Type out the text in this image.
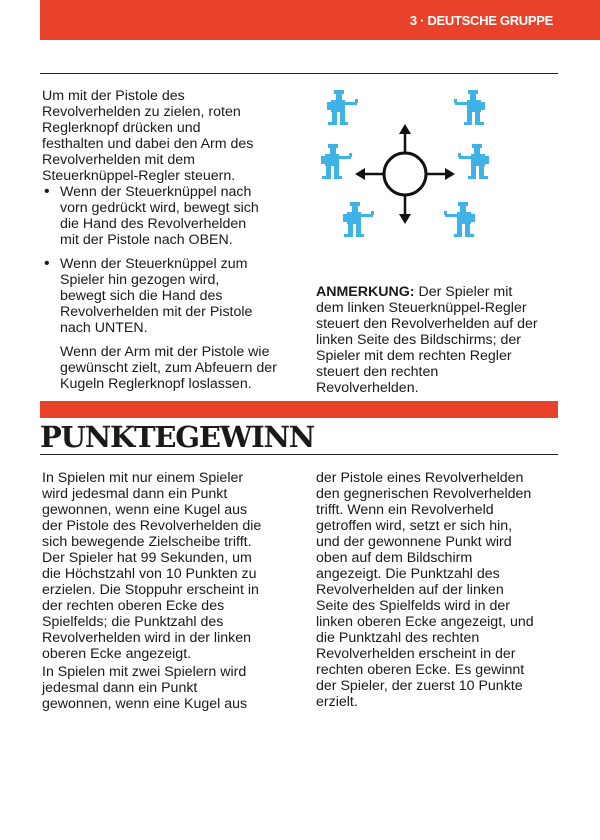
3 · DEUTSCHE GRUPPE
Um mit der Pistole des
Revolverhelden zu zielen, roten
Reglerknopf drücken und
festhalten und dabei den Arm des
Revolverhelden mit dem
Steuerknüppel-Regler steuern.
• Wenn der Steuerknüppel nach
vorn gedrückt wird, bewegt sich
die Hand des Revolverhelden
mit der Pistole nach OBEN.
• Wenn der Steuerknüppel zum
Spieler hin gezogen wird,
bewegt sich die Hand des
Revolverhelden mit der Pistole
nach UNTEN.
Wenn der Arm mit der Pistole wie
gewünscht zielt, zum Abfeuern der
Kugeln Reglerknopf loslassen.
ANMERKUNG: Der Spieler mit
dem linken Steuerknüppel-Regler
steuert den Revolverhelden auf der
linken Seite des Bildschirms; der
Spieler mit dem rechten Regler
steuert den rechten
Revolverhelden.
PUNKTEGEWINN
In Spielen mit nur einem Spieler
wird jedesmal dann ein Punkt
gewonnen, wenn eine Kugel aus
der Pistole des Revolverhelden die
sich bewegende Zielscheibe trifft.
Der Spieler hat 99 Sekunden, um
die Höchstzahl von 10 Punkten zu
erzielen. Die Stoppuhr erscheint in
der rechten oberen Ecke des
Spielfelds; die Punktzahl des
Revolverhelden wird in der linken
oberen Ecke angezeigt.
In Spielen mit zwei Spielern wird
jedesmal dann ein Punkt
gewonnen, wenn eine Kugel aus
der Pistole eines Revolverhelden
den gegnerischen Revolverhelden
trifft. Wenn ein Revolverheld
getroffen wird, setzt er sich hin,
und der gewonnene Punkt wird
oben auf dem Bildschirm
angezeigt. Die Punktzahl des
Revolverhelden auf der linken
Seite des Spielfelds wird in der
linken oberen Ecke angezeigt, und
die Punktzahl des rechten
Revolverhelden erscheint in der
rechten oberen Ecke. Es gewinnt
der Spieler, der zuerst 10 Punkte
erzielt.
